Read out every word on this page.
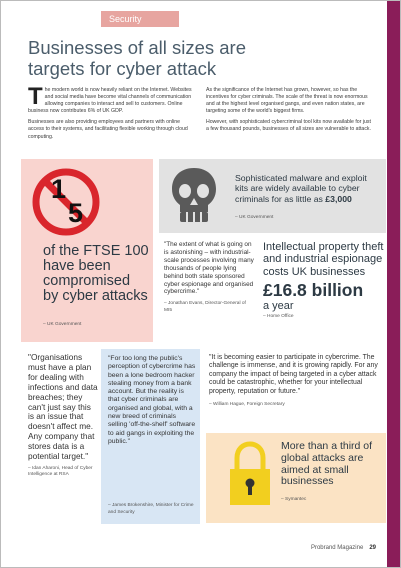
Security
Businesses of all sizes are targets for cyber attack

The modern world is now heavily reliant on the Internet. Websites and social media have become vital channels of communication allowing companies to interact and sell to customers. Online business now contributes 6% of UK GDP.

Businesses are also providing employees and partners with online access to their systems, and facilitating flexible working through cloud computing.

As the significance of the Internet has grown, however, so has the incentives for cyber criminals. The scale of the threat is now enormous and at the highest level organised gangs, and even nation states, are targeting some of the world's biggest firms.

However, with sophisticated cybercriminal tool kits now available for just a few thousand pounds, businesses of all sizes are vulnerable to attack.

1
5
of the FTSE 100 have been compromised by cyber attacks
– UK Government
Sophisticated malware and exploit kits are widely available to cyber criminals for as little as £3,000
– UK Government
"The extent of what is going on is astonishing – with industrial-scale processes involving many thousands of people lying behind both state sponsored cyber espionage and organised cybercrime."
– Jonathan Evans, Director-General of MI5
Intellectual property theft and industrial espionage costs UK businesses
£16.8 billion
a year
– Home Office
"Organisations must have a plan for dealing with infections and data breaches; they can't just say this is an issue that doesn't affect me. Any company that stores data is a potential target."
– Idan Aharoni, Head of Cyber Intelligence at RSA
"For too long the public's perception of cybercrime has been a lone bedroom hacker stealing money from a bank account. But the reality is that cyber criminals are organised and global, with a new breed of criminals selling 'off-the-shelf' software to aid gangs in exploiting the public."
– James Brokenshire, Minister for Crime and Security
"It is becoming easier to participate in cybercrime. The challenge is immense, and it is growing rapidly. For any company the impact of being targeted in a cyber attack could be catastrophic, whether for your intellectual property, reputation or future."
– William Hague, Foreign Secretary
More than a third of global attacks are aimed at small businesses
– Symantec
Probrand Magazine 29
